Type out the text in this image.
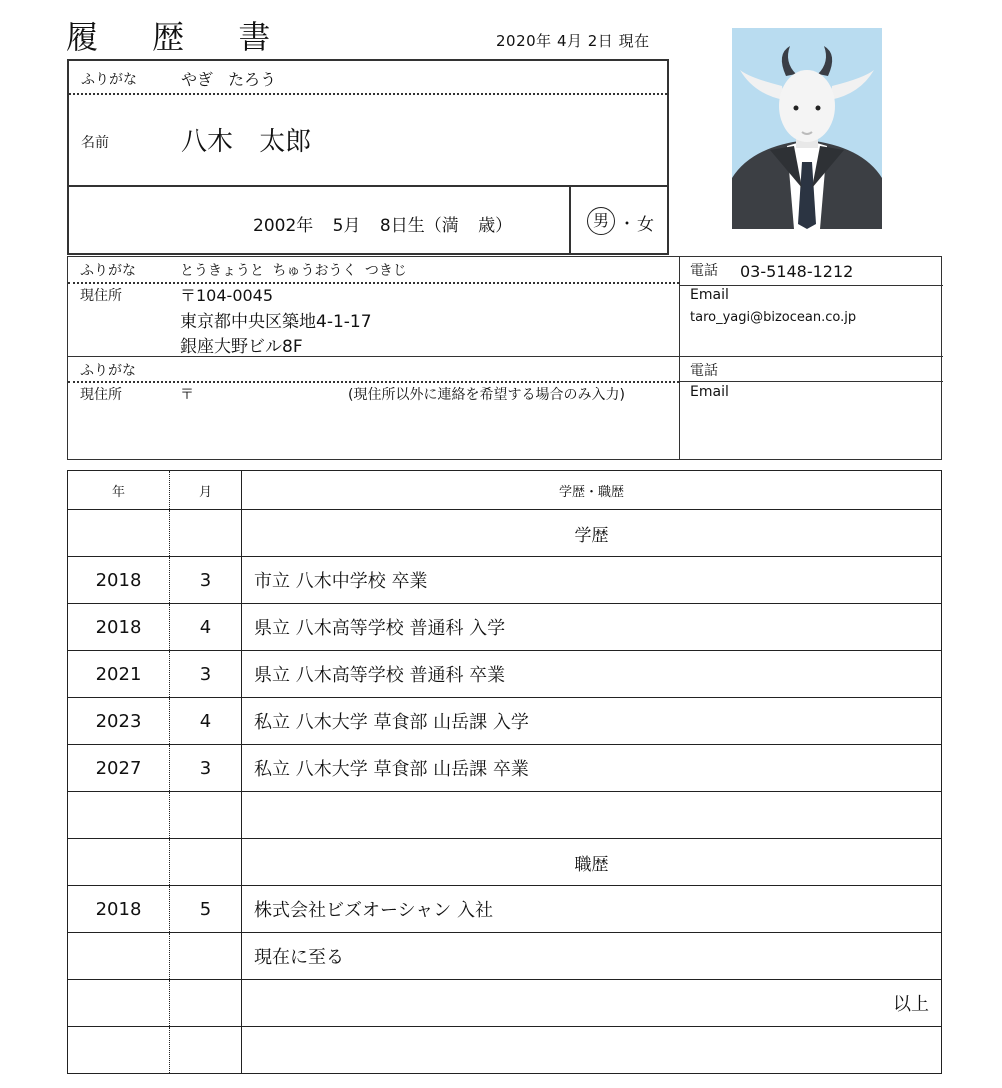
履 歴 書	2020年 4月 2日 現在
ふりがな	やぎ たろう
名前	八木 太郎
2002年 5月 8日生（満 歳）	男 ・ 女
ふりがな	とうきょうと ちゅうおうく つきじ
現住所	〒104-0045
東京都中央区築地4-1-17
銀座大野ビル8F
電話 03-5148-1212
Email
taro_yagi@bizocean.co.jp
ふりがな
現住所	〒	(現住所以外に連絡を希望する場合のみ入力)
電話
Email
年	月	学歴・職歴
		学歴
2018	3	市立 八木中学校 卒業
2018	4	県立 八木高等学校 普通科 入学
2021	3	県立 八木高等学校 普通科 卒業
2023	4	私立 八木大学 草食部 山岳課 入学
2027	3	私立 八木大学 草食部 山岳課 卒業

		職歴
2018	5	株式会社ビズオーシャン 入社
		現在に至る
		以上
